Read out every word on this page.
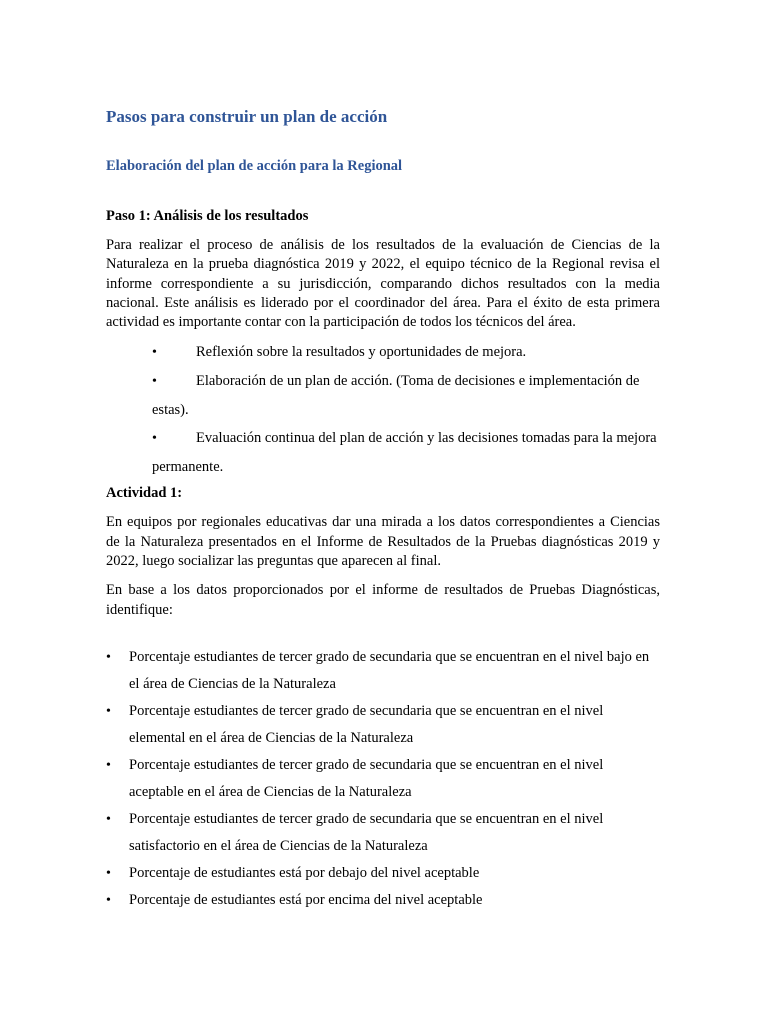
Pasos para construir un plan de acción
Elaboración del plan de acción para la Regional
Paso 1: Análisis de los resultados

Para realizar el proceso de análisis de los resultados de la evaluación de Ciencias de la Naturaleza en la prueba diagnóstica 2019 y 2022, el equipo técnico de la Regional revisa el informe correspondiente a su jurisdicción, comparando dichos resultados con la media nacional. Este análisis es liderado por el coordinador del área. Para el éxito de esta primera actividad es importante contar con la participación de todos los técnicos del área.

•	Reflexión sobre la resultados y oportunidades de mejora.
•	Elaboración de un plan de acción. (Toma de decisiones e implementación de estas).
•	Evaluación continua del plan de acción y las decisiones tomadas para la mejora permanente.
Actividad 1:

En equipos por regionales educativas dar una mirada a los datos correspondientes a Ciencias de la Naturaleza presentados en el Informe de Resultados de la Pruebas diagnósticas 2019 y 2022, luego socializar las preguntas que aparecen al final.

En base a los datos proporcionados por el informe de resultados de Pruebas Diagnósticas, identifique:

• Porcentaje estudiantes de tercer grado de secundaria que se encuentran en el nivel bajo en el área de Ciencias de la Naturaleza
• Porcentaje estudiantes de tercer grado de secundaria que se encuentran en el nivel elemental en el área de Ciencias de la Naturaleza
• Porcentaje estudiantes de tercer grado de secundaria que se encuentran en el nivel aceptable en el área de Ciencias de la Naturaleza
• Porcentaje estudiantes de tercer grado de secundaria que se encuentran en el nivel satisfactorio en el área de Ciencias de la Naturaleza
• Porcentaje de estudiantes está por debajo del nivel aceptable
• Porcentaje de estudiantes está por encima del nivel aceptable
